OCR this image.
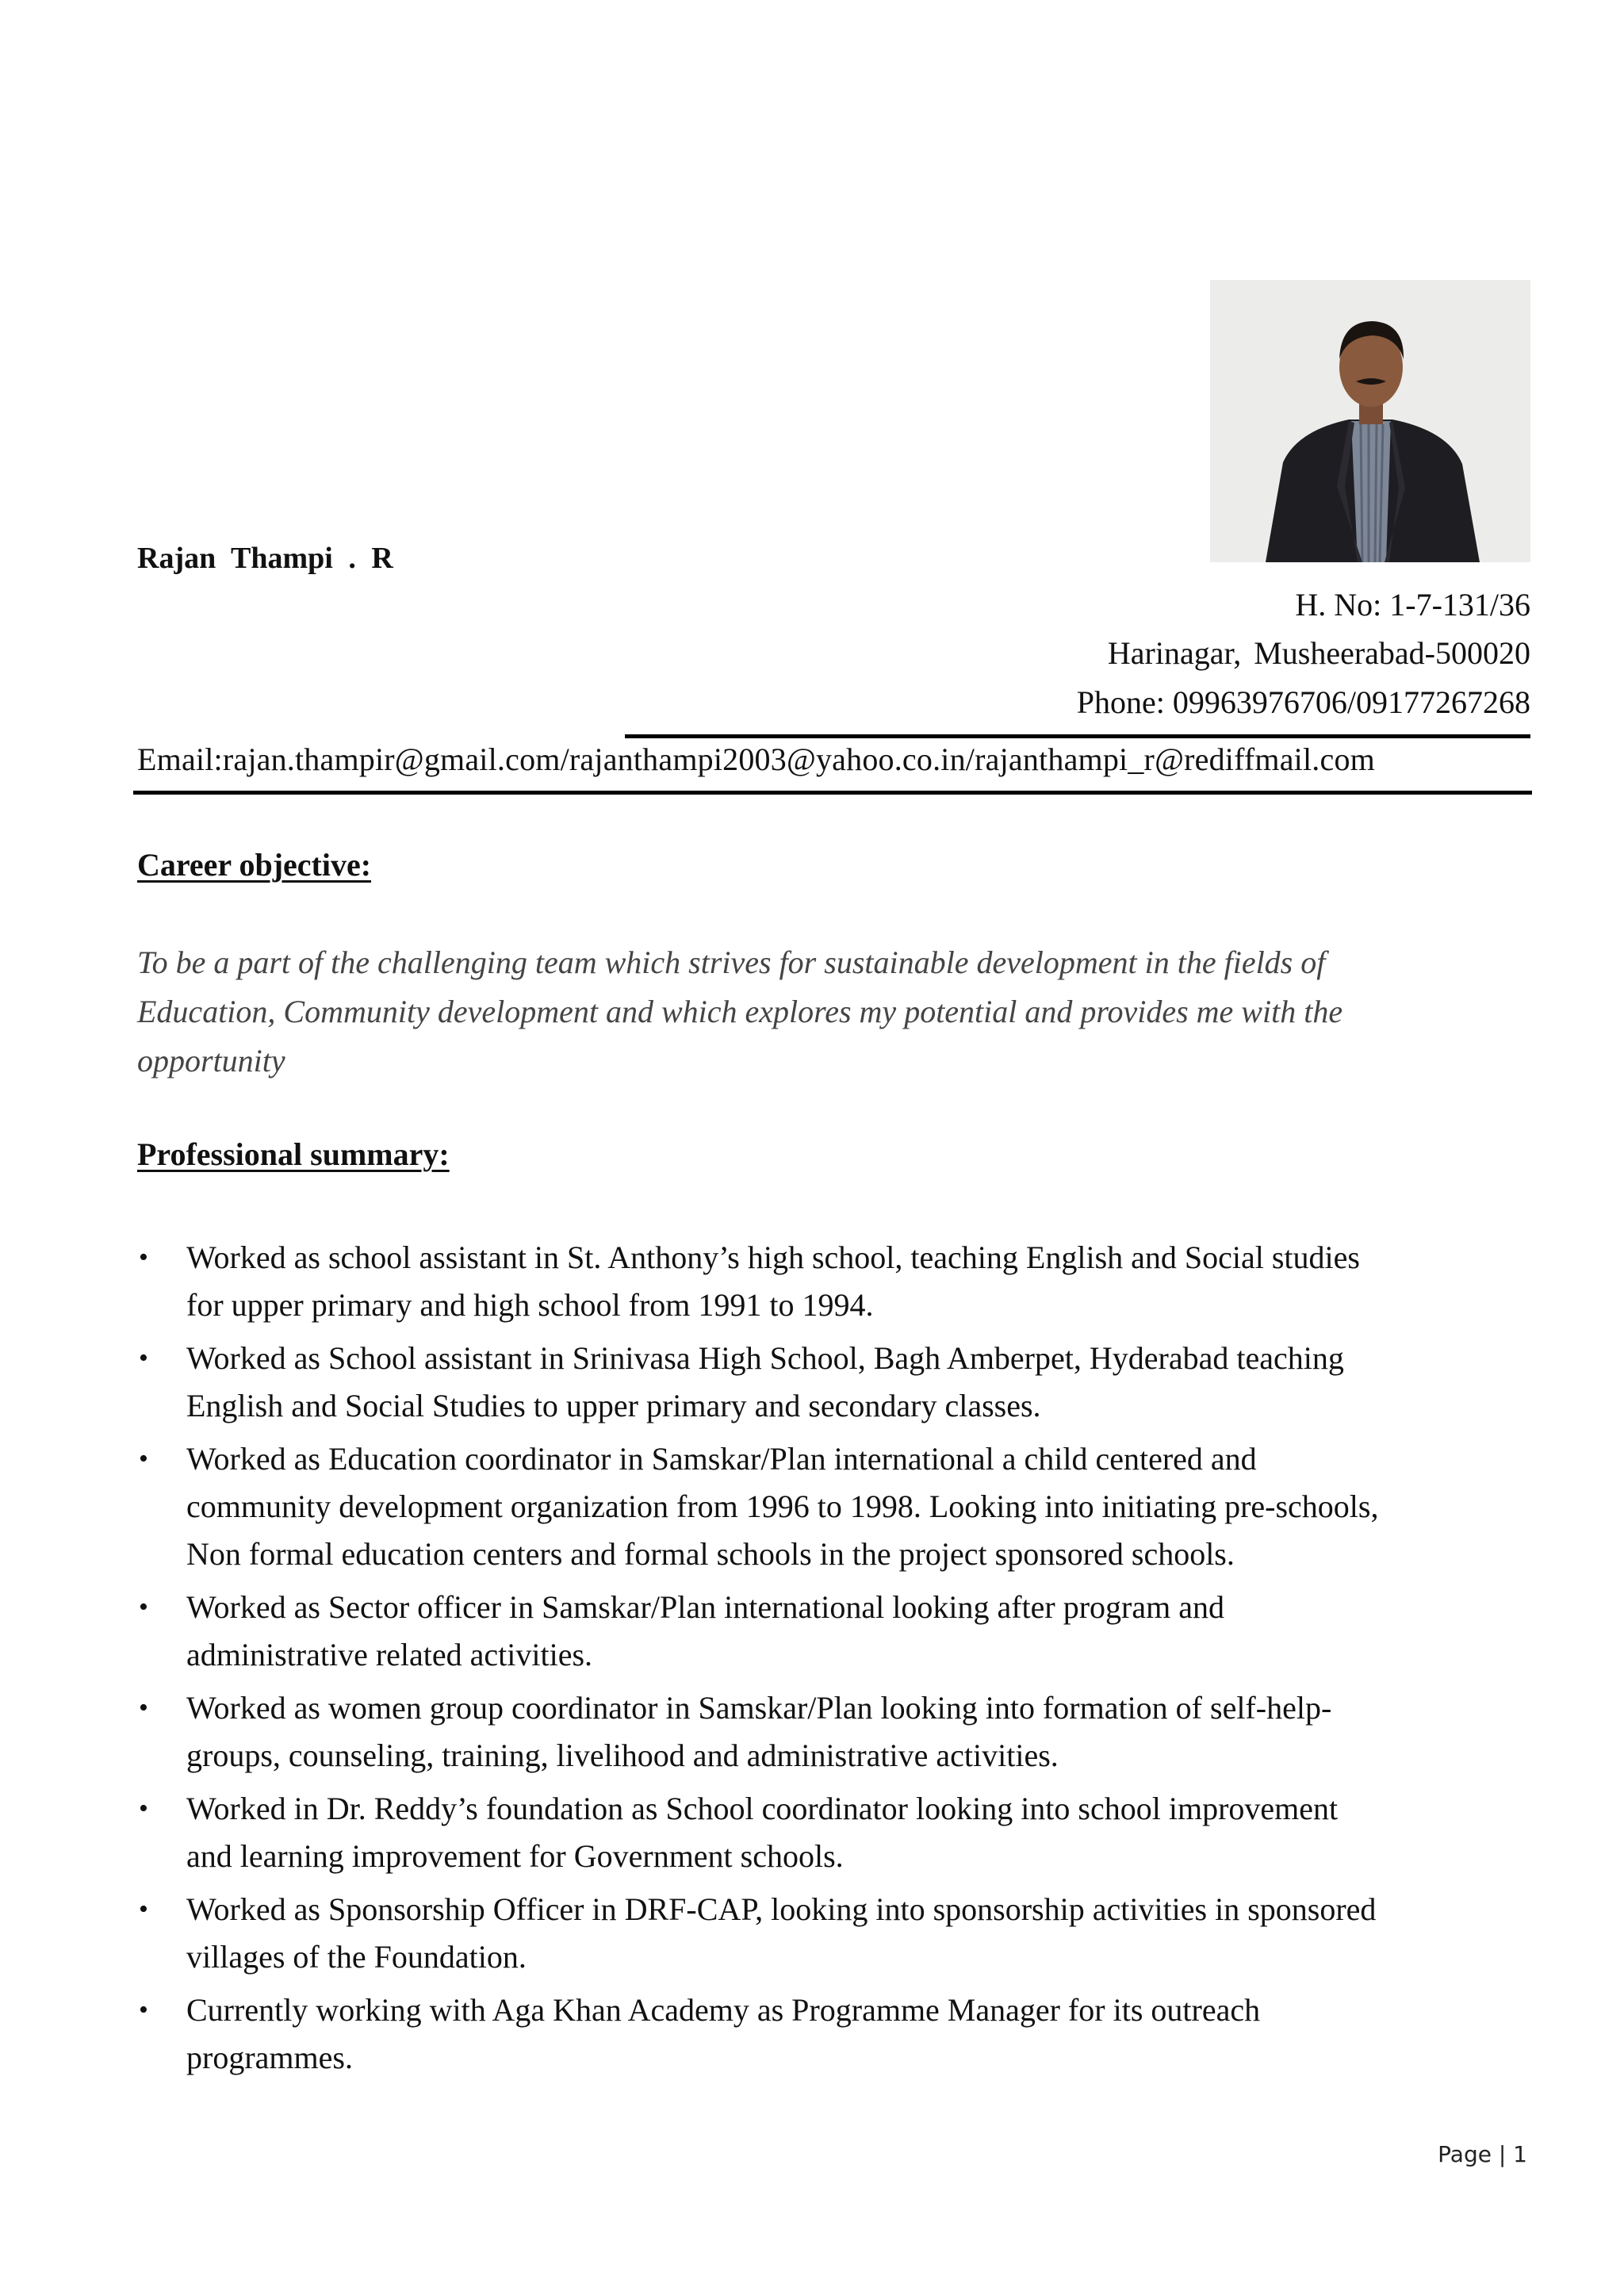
Rajan Thampi . R
H. No: 1-7-131/36
Harinagar, Musheerabad-500020
Phone: 09963976706/09177267268
Email:rajan.thampir@gmail.com/rajanthampi2003@yahoo.co.in/rajanthampi_r@rediffmail.com
Career objective:
To be a part of the challenging team which strives for sustainable development in the fields of
Education, Community development and which explores my potential and provides me with the
opportunity
Professional summary:
• Worked as school assistant in St. Anthony’s high school, teaching English and Social studies
for upper primary and high school from 1991 to 1994.
• Worked as School assistant in Srinivasa High School, Bagh Amberpet, Hyderabad teaching
English and Social Studies to upper primary and secondary classes.
• Worked as Education coordinator in Samskar/Plan international a child centered and
community development organization from 1996 to 1998. Looking into initiating pre-schools,
Non formal education centers and formal schools in the project sponsored schools.
• Worked as Sector officer in Samskar/Plan international looking after program and
administrative related activities.
• Worked as women group coordinator in Samskar/Plan looking into formation of self-help-
groups, counseling, training, livelihood and administrative activities.
• Worked in Dr. Reddy’s foundation as School coordinator looking into school improvement
and learning improvement for Government schools.
• Worked as Sponsorship Officer in DRF-CAP, looking into sponsorship activities in sponsored
villages of the Foundation.
• Currently working with Aga Khan Academy as Programme Manager for its outreach
programmes.
Page | 1
